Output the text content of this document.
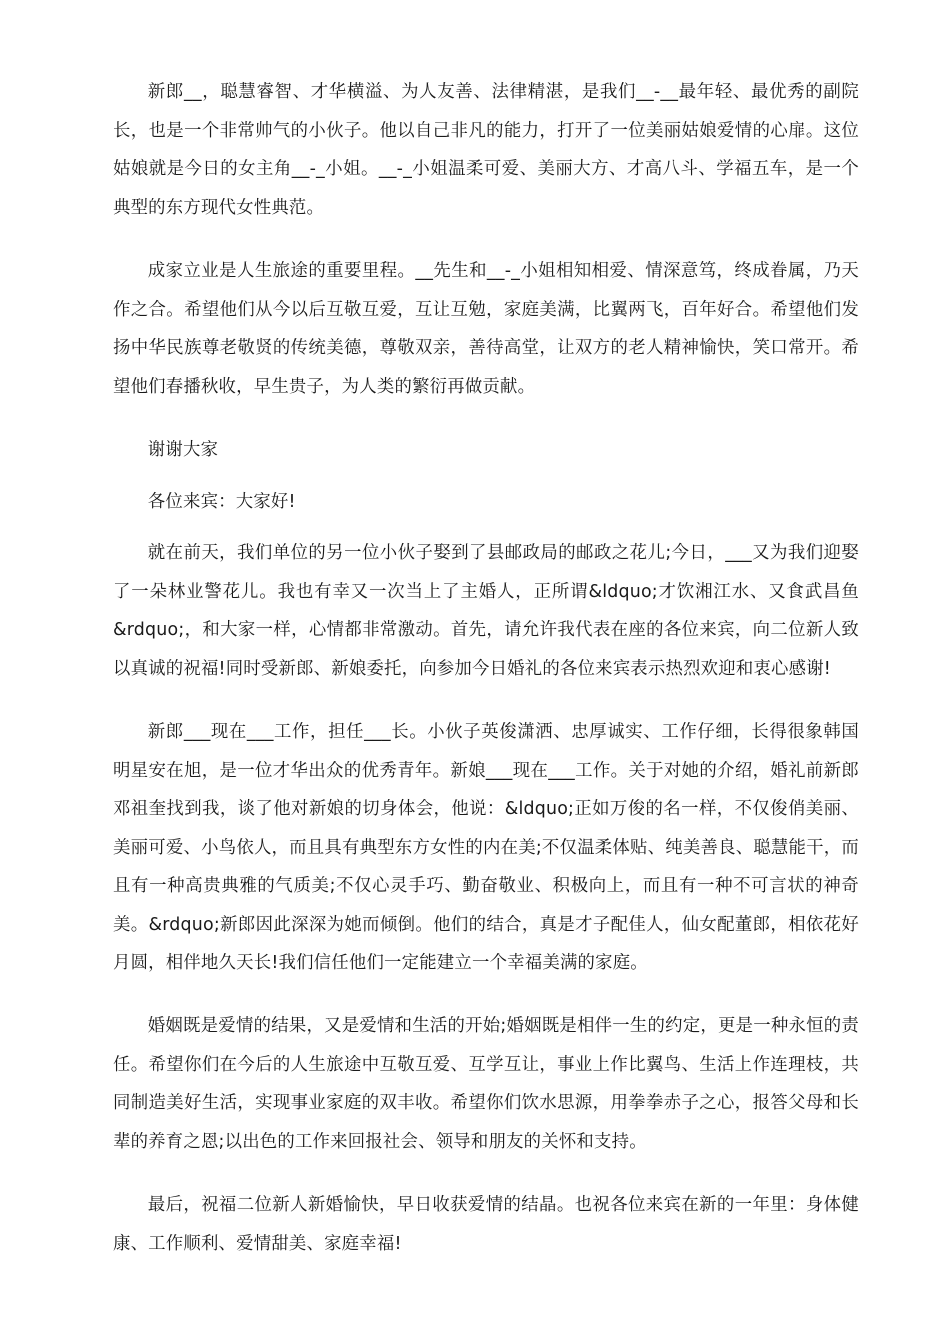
新郎__，聪慧睿智、才华横溢、为人友善、法律精湛，是我们__-__最年轻、最优秀的副院长，也是一个非常帅气的小伙子。他以自己非凡的能力，打开了一位美丽姑娘爱情的心扉。这位姑娘就是今日的女主角__-_小姐。__-_小姐温柔可爱、美丽大方、才高八斗、学福五车，是一个典型的东方现代女性典范。

成家立业是人生旅途的重要里程。__先生和__-_小姐相知相爱、情深意笃，终成眷属，乃天作之合。希望他们从今以后互敬互爱，互让互勉，家庭美满，比翼两飞，百年好合。希望他们发扬中华民族尊老敬贤的传统美德，尊敬双亲，善待高堂，让双方的老人精神愉快，笑口常开。希望他们春播秋收，早生贵子，为人类的繁衍再做贡献。

谢谢大家

各位来宾：大家好!

就在前天，我们单位的另一位小伙子娶到了县邮政局的邮政之花儿;今日，___又为我们迎娶了一朵林业警花儿。我也有幸又一次当上了主婚人，正所谓&ldquo;才饮湘江水、又食武昌鱼&rdquo;，和大家一样，心情都非常激动。首先，请允许我代表在座的各位来宾，向二位新人致以真诚的祝福!同时受新郎、新娘委托，向参加今日婚礼的各位来宾表示热烈欢迎和衷心感谢!

新郎___现在___工作，担任___长。小伙子英俊潇洒、忠厚诚实、工作仔细，长得很象韩国明星安在旭，是一位才华出众的优秀青年。新娘___现在___工作。关于对她的介绍，婚礼前新郎邓祖奎找到我，谈了他对新娘的切身体会，他说：&ldquo;正如万俊的名一样，不仅俊俏美丽、美丽可爱、小鸟依人，而且具有典型东方女性的内在美;不仅温柔体贴、纯美善良、聪慧能干，而且有一种高贵典雅的气质美;不仅心灵手巧、勤奋敬业、积极向上，而且有一种不可言状的神奇美。&rdquo;新郎因此深深为她而倾倒。他们的结合，真是才子配佳人，仙女配董郎，相依花好月圆，相伴地久天长!我们信任他们一定能建立一个幸福美满的家庭。

婚姻既是爱情的结果，又是爱情和生活的开始;婚姻既是相伴一生的约定，更是一种永恒的责任。希望你们在今后的人生旅途中互敬互爱、互学互让，事业上作比翼鸟、生活上作连理枝，共同制造美好生活，实现事业家庭的双丰收。希望你们饮水思源，用拳拳赤子之心，报答父母和长辈的养育之恩;以出色的工作来回报社会、领导和朋友的关怀和支持。

最后，祝福二位新人新婚愉快，早日收获爱情的结晶。也祝各位来宾在新的一年里：身体健康、工作顺利、爱情甜美、家庭幸福!
